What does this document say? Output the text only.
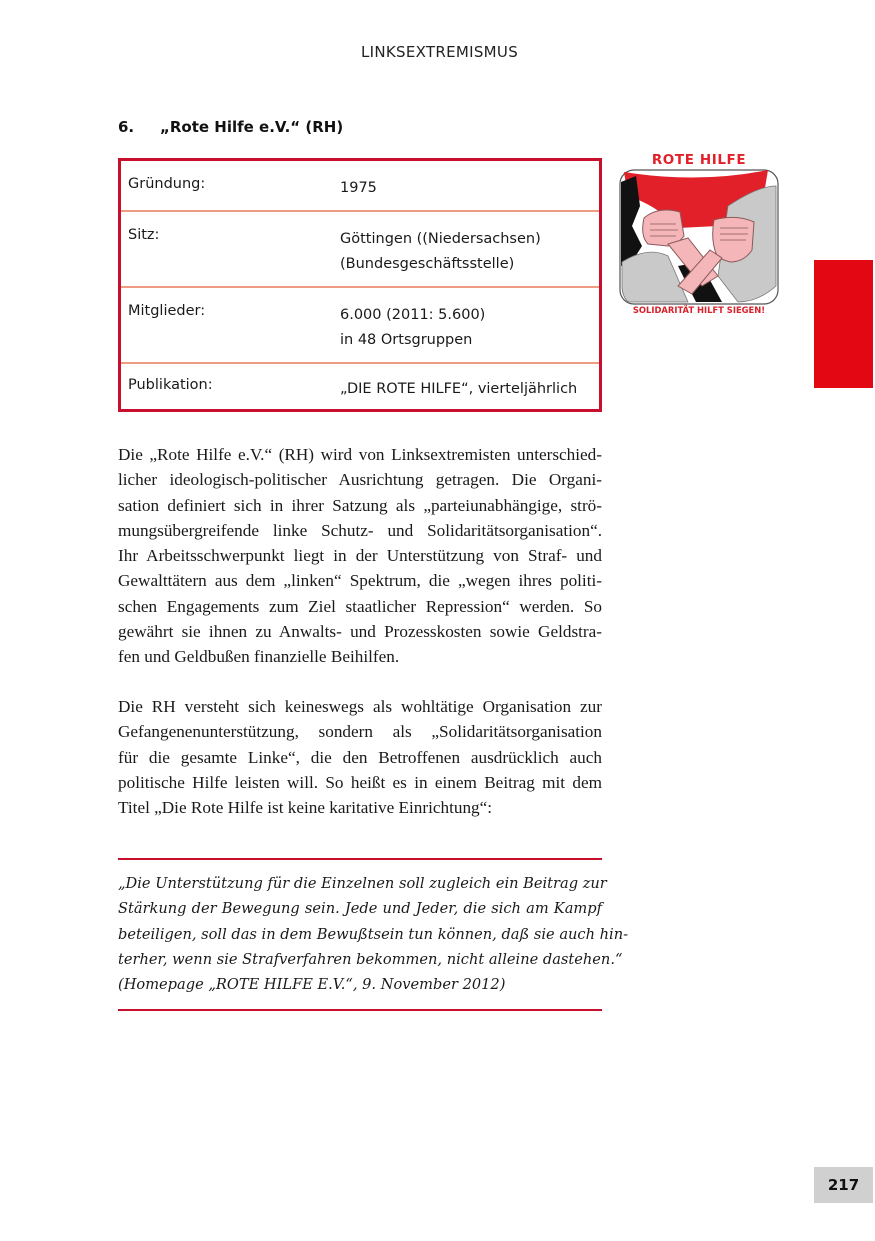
LINKSEXTREMISMUS
6. „Rote Hilfe e.V.“ (RH)
Gründung:	1975
Sitz:	Göttingen ((Niedersachsen)
(Bundesgeschäftsstelle)
Mitglieder:	6.000 (2011: 5.600)
in 48 Ortsgruppen
Publikation:	„DIE ROTE HILFE“, vierteljährlich
ROTE HILFE
SOLIDARITÄT HILFT SIEGEN!
Die „Rote Hilfe e.V.“ (RH) wird von Linksextremisten unterschied-
licher ideologisch-politischer Ausrichtung getragen. Die Organi-
sation definiert sich in ihrer Satzung als „parteiunabhängige, strö-
mungsübergreifende linke Schutz- und Solidaritätsorganisation“.
Ihr Arbeitsschwerpunkt liegt in der Unterstützung von Straf- und
Gewalttätern aus dem „linken“ Spektrum, die „wegen ihres politi-
schen Engagements zum Ziel staatlicher Repression“ werden. So
gewährt sie ihnen zu Anwalts- und Prozesskosten sowie Geldstra-
fen und Geldbußen finanzielle Beihilfen.
Die RH versteht sich keineswegs als wohltätige Organisation zur
Gefangenenunterstützung, sondern als „Solidaritätsorganisation
für die gesamte Linke“, die den Betroffenen ausdrücklich auch
politische Hilfe leisten will. So heißt es in einem Beitrag mit dem
Titel „Die Rote Hilfe ist keine karitative Einrichtung“:
„Die Unterstützung für die Einzelnen soll zugleich ein Beitrag zur
Stärkung der Bewegung sein. Jede und Jeder, die sich am Kampf
beteiligen, soll das in dem Bewußtsein tun können, daß sie auch hin-
terher, wenn sie Strafverfahren bekommen, nicht alleine dastehen.“
(Homepage „ROTE HILFE E.V.“, 9. November 2012)
217
